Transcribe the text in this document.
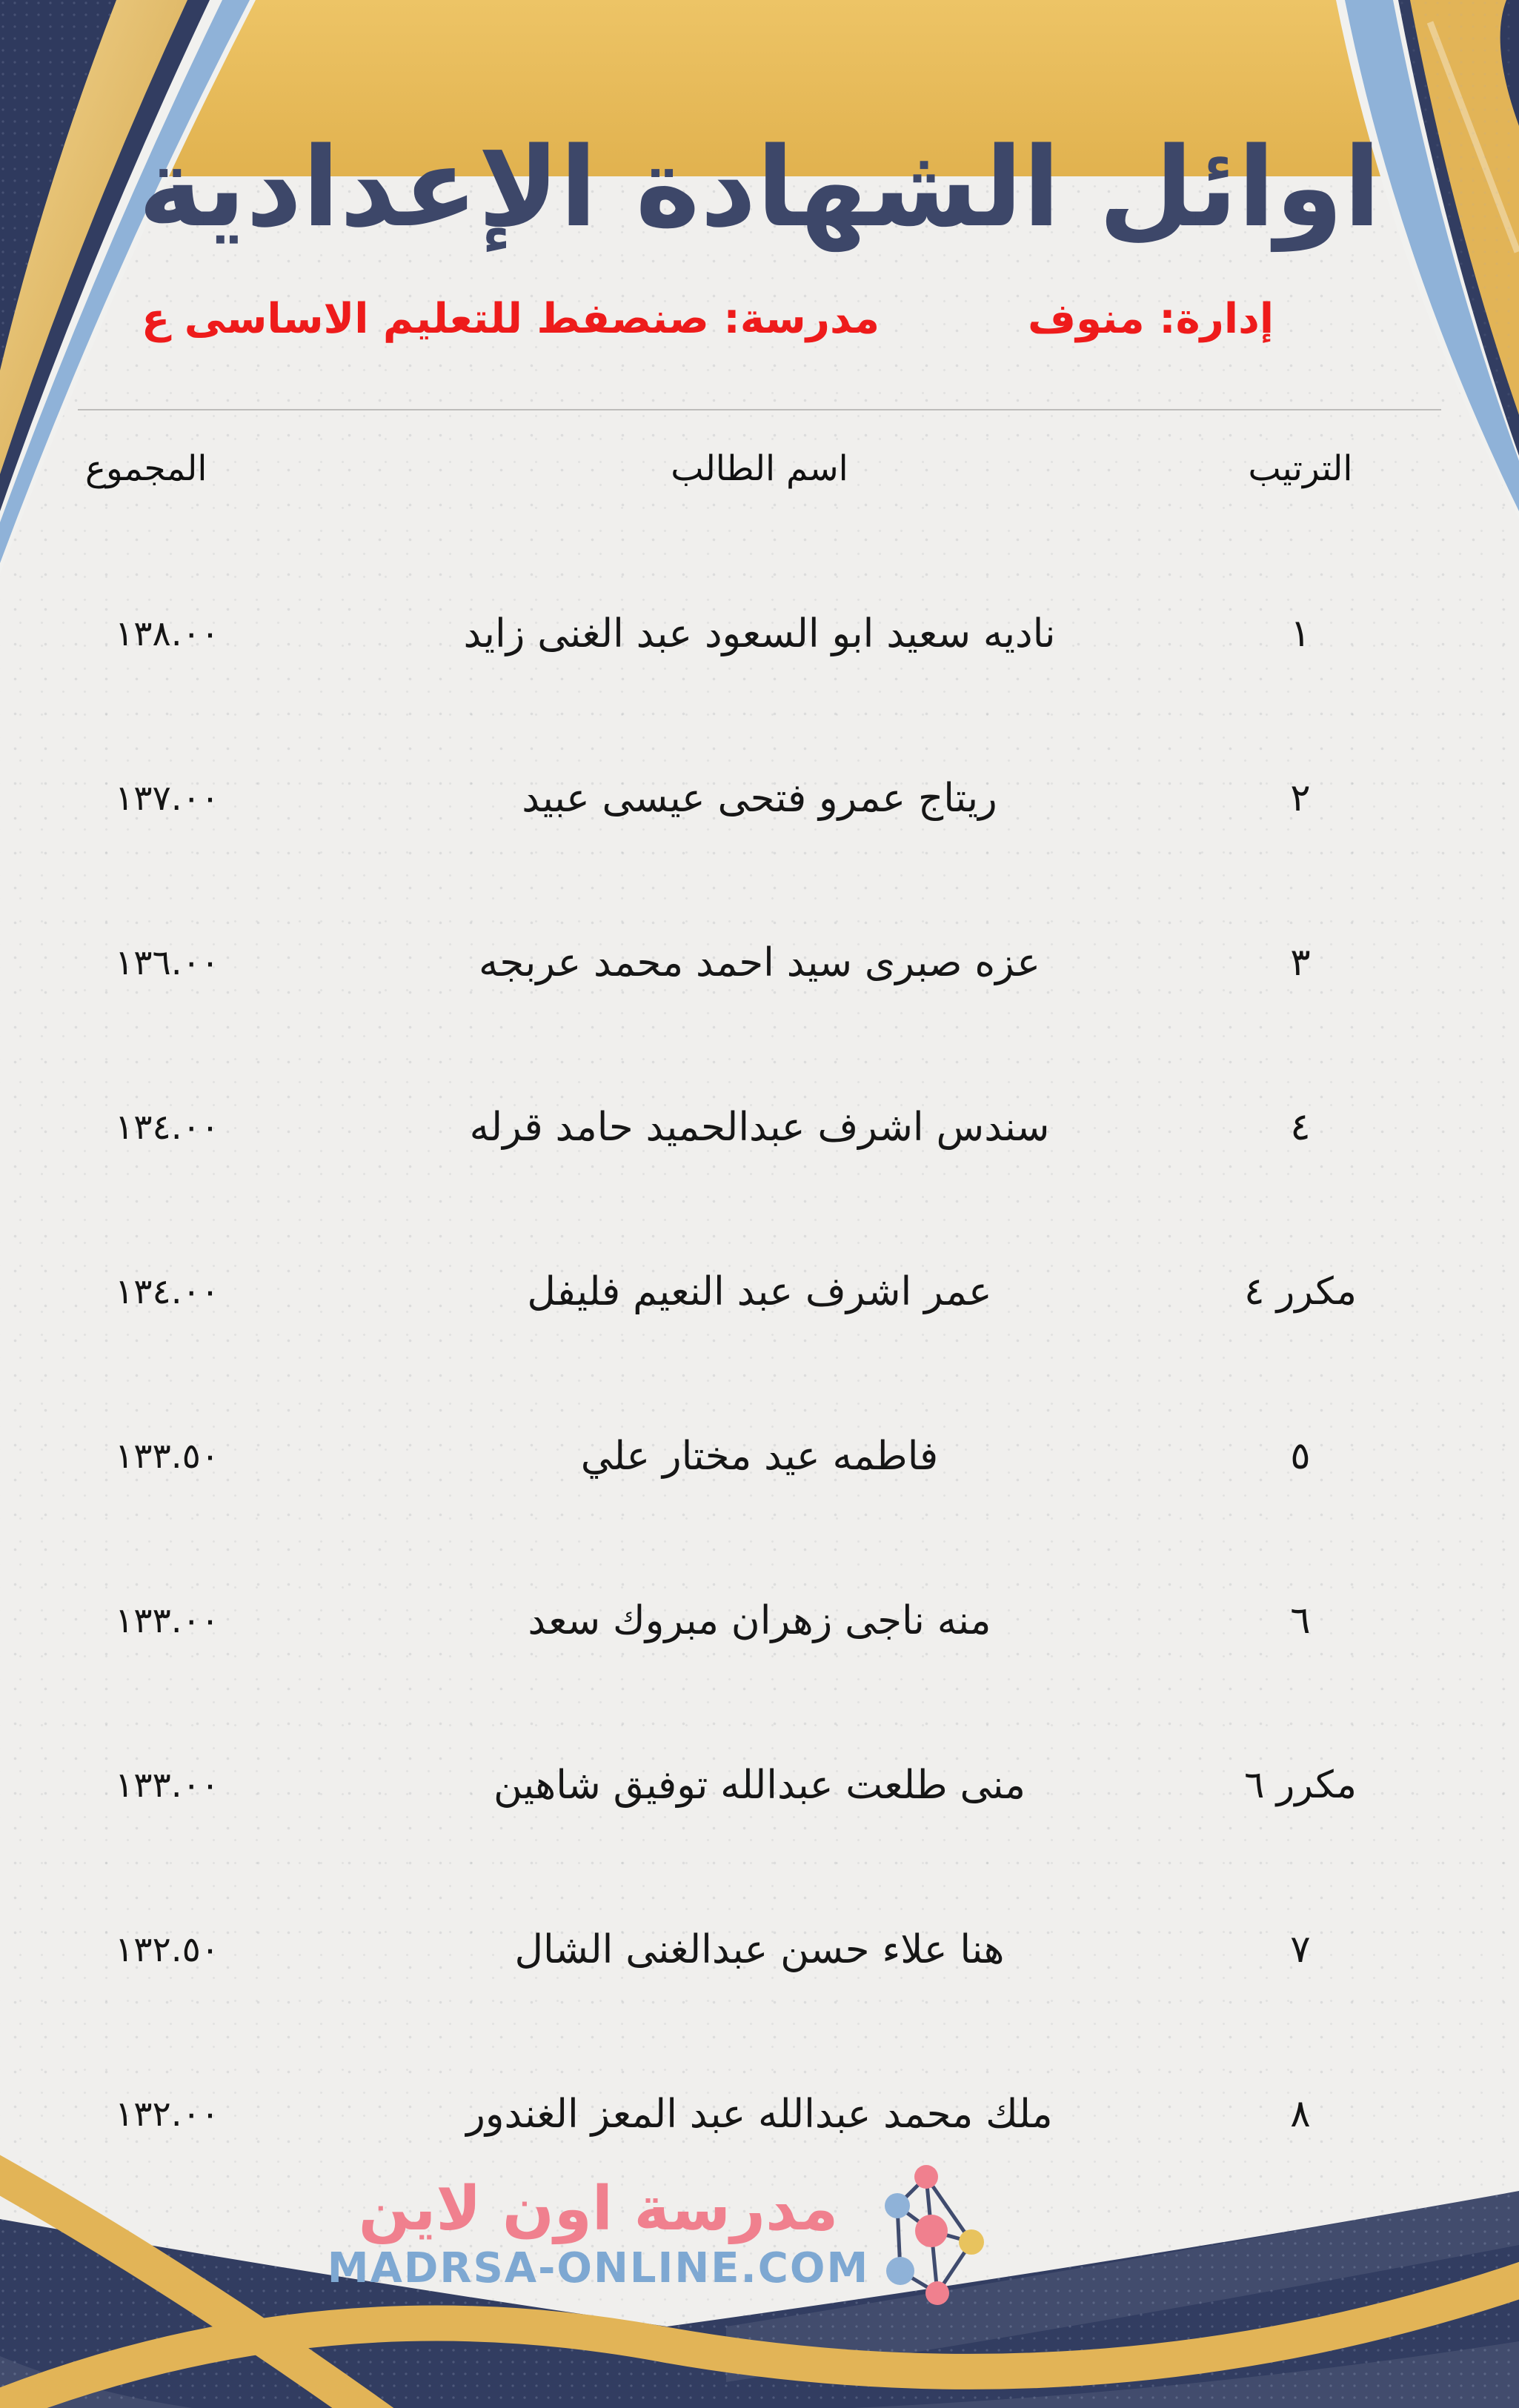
اوائل الشهادة الإعدادية
مدرسة: صنصفط للتعليم الاساسى ع	إدارة: منوف
الترتيب
اسم الطالب
المجموع
١
ناديه سعيد ابو السعود عبد الغنى زايد
١٣٨.٠٠
٢
ريتاج عمرو فتحى عيسى عبيد
١٣٧.٠٠
٣
عزه صبرى سيد احمد محمد عربجه
١٣٦.٠٠
٤
سندس اشرف عبدالحميد حامد قرله
١٣٤.٠٠
مكرر ٤
عمر اشرف عبد النعيم فليفل
١٣٤.٠٠
٥
فاطمه عيد مختار علي
١٣٣.٥٠
٦
منه ناجى زهران مبروك سعد
١٣٣.٠٠
مكرر ٦
منى طلعت عبدالله توفيق شاهين
١٣٣.٠٠
٧
هنا علاء حسن عبدالغنى الشال
١٣٢.٥٠
٨
ملك محمد عبدالله عبد المعز الغندور
١٣٢.٠٠
مدرسة اون لاين
MADRSA-ONLINE.COM
